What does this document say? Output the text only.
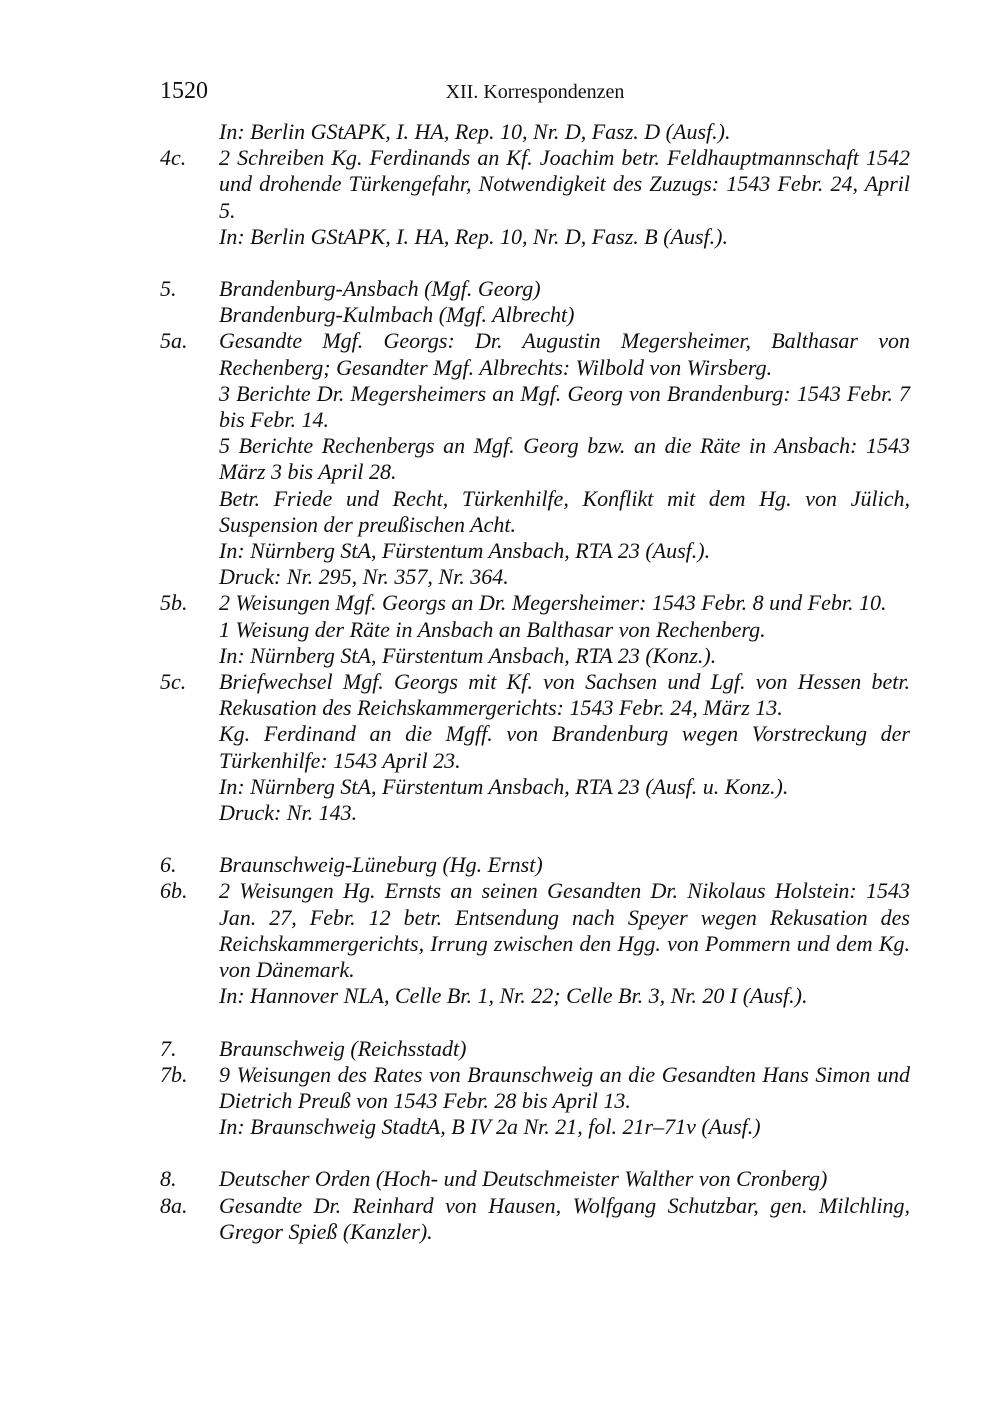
1520	XII. Korrespondenzen
In: Berlin GStAPK, I. HA, Rep. 10, Nr. D, Fasz. D (Ausf.).
4c.	2 Schreiben Kg. Ferdinands an Kf. Joachim betr. Feldhauptmannschaft 1542 und drohende Türkengefahr, Notwendigkeit des Zuzugs: 1543 Febr. 24, April 5.
In: Berlin GStAPK, I. HA, Rep. 10, Nr. D, Fasz. B (Ausf.).
5.	Brandenburg-Ansbach (Mgf. Georg)
Brandenburg-Kulmbach (Mgf. Albrecht)
5a.	Gesandte Mgf. Georgs: Dr. Augustin Megersheimer, Balthasar von Rechenberg; Gesandter Mgf. Albrechts: Wilbold von Wirsberg.
3 Berichte Dr. Megersheimers an Mgf. Georg von Brandenburg: 1543 Febr. 7 bis Febr. 14.
5 Berichte Rechenbergs an Mgf. Georg bzw. an die Räte in Ansbach: 1543 März 3 bis April 28.
Betr. Friede und Recht, Türkenhilfe, Konflikt mit dem Hg. von Jülich, Suspension der preußischen Acht.
In: Nürnberg StA, Fürstentum Ansbach, RTA 23 (Ausf.).
Druck: Nr. 295, Nr. 357, Nr. 364.
5b.	2 Weisungen Mgf. Georgs an Dr. Megersheimer: 1543 Febr. 8 und Febr. 10.
1 Weisung der Räte in Ansbach an Balthasar von Rechenberg.
In: Nürnberg StA, Fürstentum Ansbach, RTA 23 (Konz.).
5c.	Briefwechsel Mgf. Georgs mit Kf. von Sachsen und Lgf. von Hessen betr. Rekusation des Reichskammergerichts: 1543 Febr. 24, März 13.
Kg. Ferdinand an die Mgff. von Brandenburg wegen Vorstreckung der Türkenhilfe: 1543 April 23.
In: Nürnberg StA, Fürstentum Ansbach, RTA 23 (Ausf. u. Konz.).
Druck: Nr. 143.
6.	Braunschweig-Lüneburg (Hg. Ernst)
6b.	2 Weisungen Hg. Ernsts an seinen Gesandten Dr. Nikolaus Holstein: 1543 Jan. 27, Febr. 12 betr. Entsendung nach Speyer wegen Rekusation des Reichskammergerichts, Irrung zwischen den Hgg. von Pommern und dem Kg. von Dänemark.
In: Hannover NLA, Celle Br. 1, Nr. 22; Celle Br. 3, Nr. 20 I (Ausf.).
7.	Braunschweig (Reichsstadt)
7b.	9 Weisungen des Rates von Braunschweig an die Gesandten Hans Simon und Dietrich Preuß von 1543 Febr. 28 bis April 13.
In: Braunschweig StadtA, B IV 2a Nr. 21, fol. 21r–71v (Ausf.)
8.	Deutscher Orden (Hoch- und Deutschmeister Walther von Cronberg)
8a.	Gesandte Dr. Reinhard von Hausen, Wolfgang Schutzbar, gen. Milchling, Gregor Spieß (Kanzler).
